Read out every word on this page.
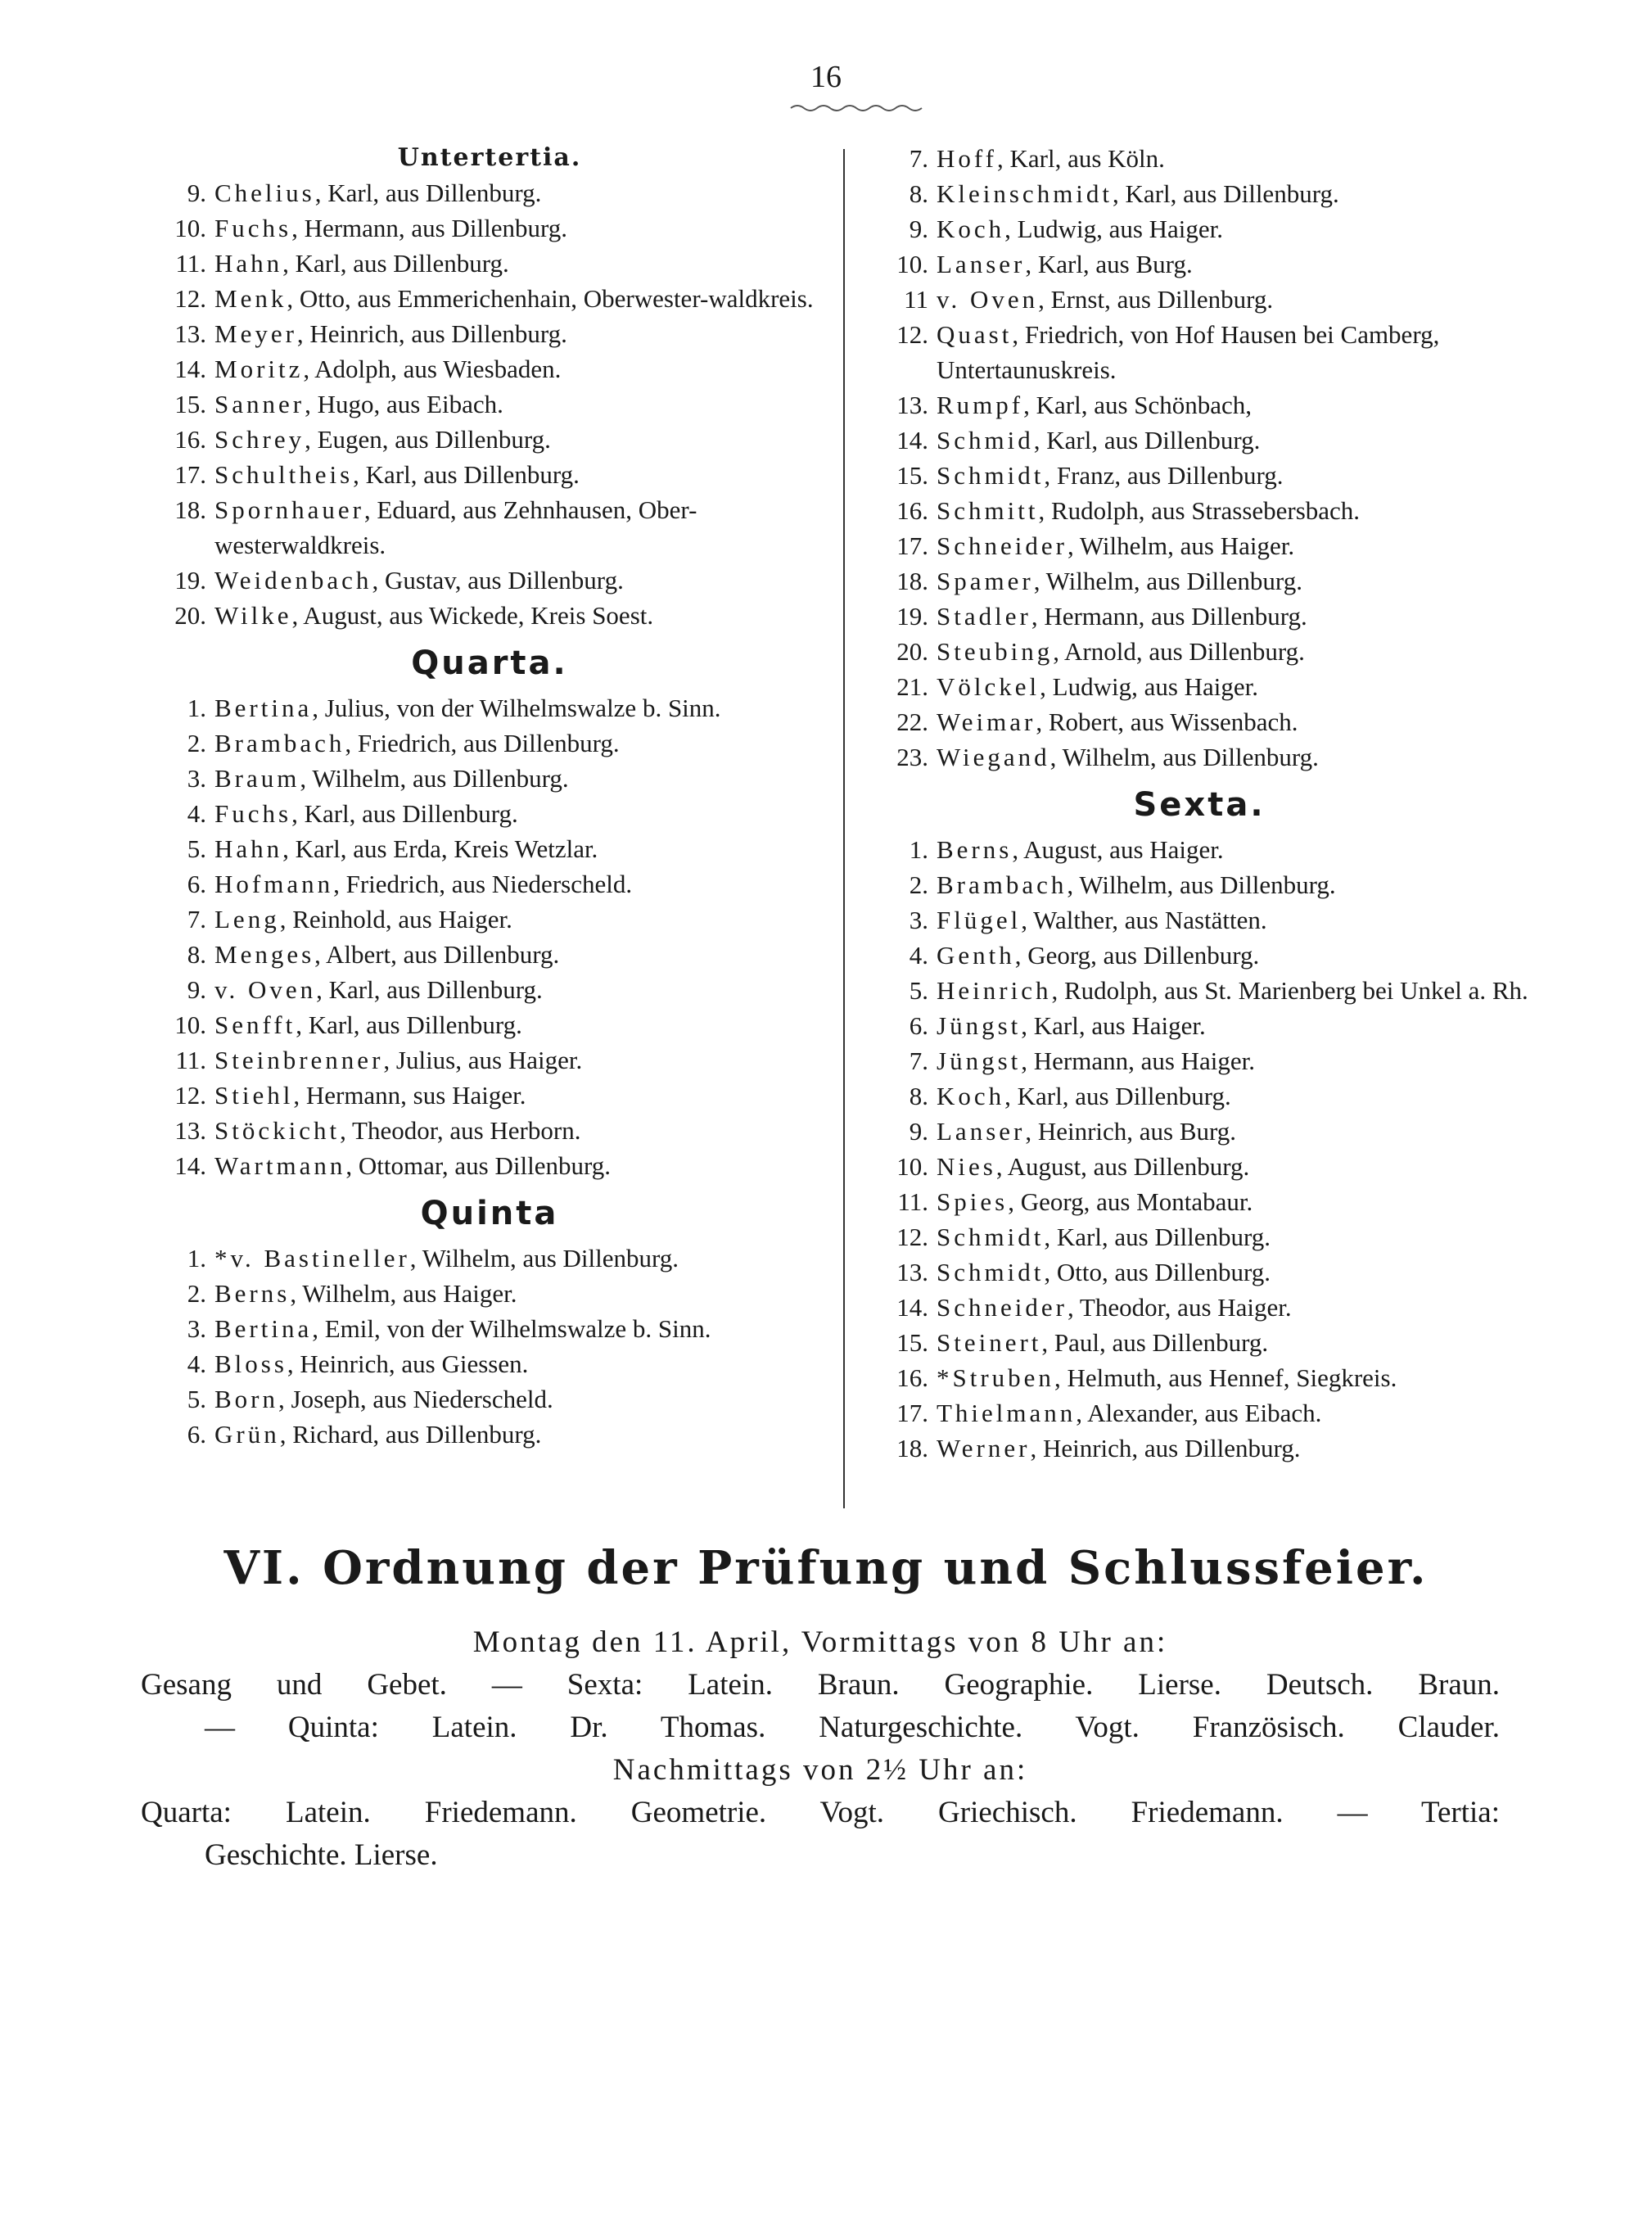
16
Untertertia.
9. Chelius, Karl, aus Dillenburg.
10. Fuchs, Hermann, aus Dillenburg.
11. Hahn, Karl, aus Dillenburg.
12. Menk, Otto, aus Emmerichenhain, Oberwester-waldkreis.
13. Meyer, Heinrich, aus Dillenburg.
14. Moritz, Adolph, aus Wiesbaden.
15. Sanner, Hugo, aus Eibach.
16. Schrey, Eugen, aus Dillenburg.
17. Schultheis, Karl, aus Dillenburg.
18. Spornhauer, Eduard, aus Zehnhausen, Ober-westerwaldkreis.
19. Weidenbach, Gustav, aus Dillenburg.
20. Wilke, August, aus Wickede, Kreis Soest.
Quarta.
1. Bertina, Julius, von der Wilhelmswalze b. Sinn.
2. Brambach, Friedrich, aus Dillenburg.
3. Braum, Wilhelm, aus Dillenburg.
4. Fuchs, Karl, aus Dillenburg.
5. Hahn, Karl, aus Erda, Kreis Wetzlar.
6. Hofmann, Friedrich, aus Niederscheld.
7. Leng, Reinhold, aus Haiger.
8. Menges, Albert, aus Dillenburg.
9. v. Oven, Karl, aus Dillenburg.
10. Senfft, Karl, aus Dillenburg.
11. Steinbrenner, Julius, aus Haiger.
12. Stiehl, Hermann, sus Haiger.
13. Stöckicht, Theodor, aus Herborn.
14. Wartmann, Ottomar, aus Dillenburg.
Quinta
1. *v. Bastineller, Wilhelm, aus Dillenburg.
2. Berns, Wilhelm, aus Haiger.
3. Bertina, Emil, von der Wilhelmswalze b. Sinn.
4. Bloss, Heinrich, aus Giessen.
5. Born, Joseph, aus Niederscheld.
6. Grün, Richard, aus Dillenburg.
7. Hoff, Karl, aus Köln.
8. Kleinschmidt, Karl, aus Dillenburg.
9. Koch, Ludwig, aus Haiger.
10. Lanser, Karl, aus Burg.
11 v. Oven, Ernst, aus Dillenburg.
12. Quast, Friedrich, von Hof Hausen bei Camberg, Untertaunuskreis.
13. Rumpf, Karl, aus Schönbach,
14. Schmid, Karl, aus Dillenburg.
15. Schmidt, Franz, aus Dillenburg.
16. Schmitt, Rudolph, aus Strassebersbach.
17. Schneider, Wilhelm, aus Haiger.
18. Spamer, Wilhelm, aus Dillenburg.
19. Stadler, Hermann, aus Dillenburg.
20. Steubing, Arnold, aus Dillenburg.
21. Völckel, Ludwig, aus Haiger.
22. Weimar, Robert, aus Wissenbach.
23. Wiegand, Wilhelm, aus Dillenburg.
Sexta.
1. Berns, August, aus Haiger.
2. Brambach, Wilhelm, aus Dillenburg.
3. Flügel, Walther, aus Nastätten.
4. Genth, Georg, aus Dillenburg.
5. Heinrich, Rudolph, aus St. Marienberg bei Unkel a. Rh.
6. Jüngst, Karl, aus Haiger.
7. Jüngst, Hermann, aus Haiger.
8. Koch, Karl, aus Dillenburg.
9. Lanser, Heinrich, aus Burg.
10. Nies, August, aus Dillenburg.
11. Spies, Georg, aus Montabaur.
12. Schmidt, Karl, aus Dillenburg.
13. Schmidt, Otto, aus Dillenburg.
14. Schneider, Theodor, aus Haiger.
15. Steinert, Paul, aus Dillenburg.
16. *Struben, Helmuth, aus Hennef, Siegkreis.
17. Thielmann, Alexander, aus Eibach.
18. Werner, Heinrich, aus Dillenburg.
VI. Ordnung der Prüfung und Schlussfeier.

Montag den 11. April, Vormittags von 8 Uhr an:

Gesang und Gebet. — Sexta: Latein. Braun. Geographie. Lierse. Deutsch. Braun.

— Quinta: Latein. Dr. Thomas. Naturgeschichte. Vogt. Französisch. Clauder.

Nachmittags von 2½ Uhr an:

Quarta: Latein. Friedemann. Geometrie. Vogt. Griechisch. Friedemann. — Tertia:

Geschichte. Lierse.
